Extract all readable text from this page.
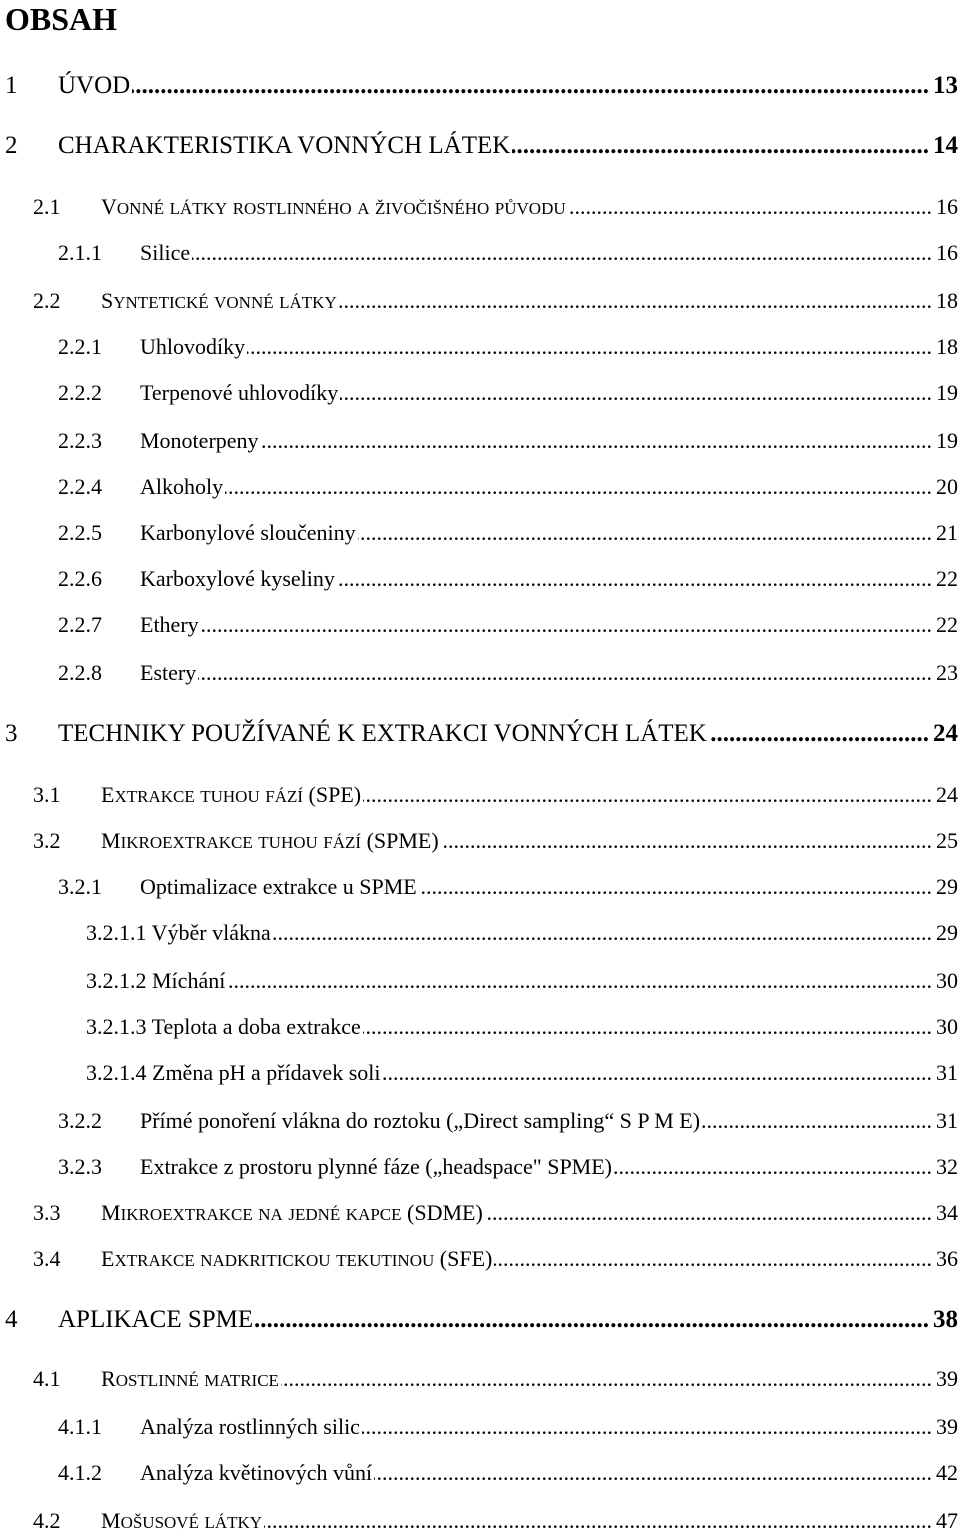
OBSAH
1 ÚVOD	13
.....
2 CHARAKTERISTIKA VONNÝCH LÁTEK	14
.....
2.1 VONNÉ LÁTKY ROSTLINNÉHO A ŽIVOČIŠNÉHO PŮVODU	16
.....
2.1.1 Silice	16
.....
2.2 SYNTETICKÉ VONNÉ LÁTKY	18
.....
2.2.1 Uhlovodíky	18
.....
2.2.2 Terpenové uhlovodíky	19
.....
2.2.3 Monoterpeny	19
.....
2.2.4 Alkoholy	20
.....
2.2.5 Karbonylové sloučeniny	21
.....
2.2.6 Karboxylové kyseliny	22
.....
2.2.7 Ethery	22
.....
2.2.8 Estery	23
.....
3 TECHNIKY POUŽÍVANÉ K EXTRAKCI VONNÝCH LÁTEK	24
.....
3.1 EXTRAKCE TUHOU FÁZÍ (SPE)	24
.....
3.2 MIKROEXTRAKCE TUHOU FÁZÍ (SPME)	25
.....
3.2.1 Optimalizace extrakce u SPME	29
.....
3.2.1.1 Výběr vlákna	29
.....
3.2.1.2 Míchání	30
.....
3.2.1.3 Teplota a doba extrakce	30
.....
3.2.1.4 Změna pH a přídavek soli	31
.....
3.2.2 Přímé ponoření vlákna do roztoku („Direct sampling“ S P M E)	31
.....
3.2.3 Extrakce z prostoru plynné fáze („headspace" SPME)	32
.....
3.3 MIKROEXTRAKCE NA JEDNÉ KAPCE (SDME)	34
.....
3.4 EXTRAKCE NADKRITICKOU TEKUTINOU (SFE)	36
.....
4 APLIKACE SPME	38
.....
4.1 ROSTLINNÉ MATRICE	39
.....
4.1.1 Analýza rostlinných silic	39
.....
4.1.2 Analýza květinových vůní	42
.....
4.2 MOŠUSOVÉ LÁTKY	47
.....
